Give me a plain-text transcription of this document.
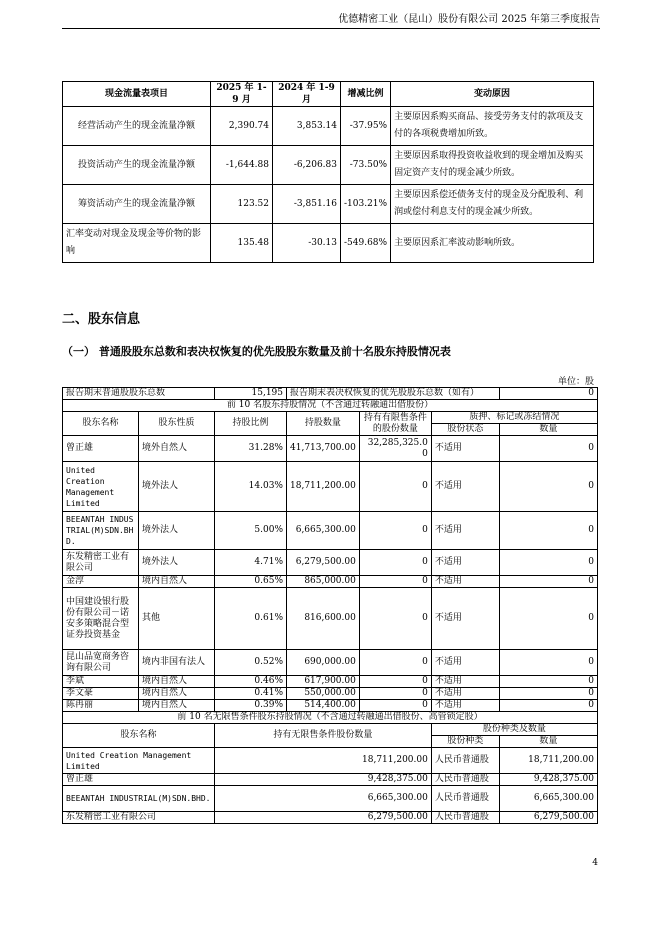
优德精密工业（昆山）股份有限公司 2025 年第三季度报告
现金流量表项目	2025 年 1-9 月	2024 年 1-9 月	增减比例	变动原因
经营活动产生的现金流量净额	2,390.74	3,853.14	-37.95%	主要原因系购买商品、接受劳务支付的款项及支付的各项税费增加所致。
投资活动产生的现金流量净额	-1,644.88	-6,206.83	-73.50%	主要原因系取得投资收益收到的现金增加及购买固定资产支付的现金减少所致。
筹资活动产生的现金流量净额	123.52	-3,851.16	-103.21%	主要原因系偿还债务支付的现金及分配股利、利润或偿付利息支付的现金减少所致。
汇率变动对现金及现金等价物的影响	135.48	-30.13	-549.68%	主要原因系汇率波动影响所致。
二、股东信息
（一） 普通股股东总数和表决权恢复的优先股股东数量及前十名股东持股情况表
单位：股
报告期末普通股股东总数		15,195	报告期末表决权恢复的优先股股东总数（如有）			0
前 10 名股东持股情况（不含通过转融通出借股份）						
股东名称	股东性质	持股比例	持股数量	持有有限售条件的股份数量	质押、标记或冻结情况	
					股份状态	数量
曾正雄	境外自然人	31.28%	41,713,700.00	32,285,325.00	不适用	0
United Creation Management Limited	境外法人	14.03%	18,711,200.00	0	不适用	0
BEEANTAH INDUSTRIAL(M)SDN.BHD.	境外法人	5.00%	6,665,300.00	0	不适用	0
东发精密工业有限公司	境外法人	4.71%	6,279,500.00	0	不适用	0
金淳	境内自然人	0.65%	865,000.00	0	不适用	0
中国建设银行股份有限公司－诺安多策略混合型证券投资基金	其他	0.61%	816,600.00	0	不适用	0
昆山品宽商务咨询有限公司	境内非国有法人	0.52%	690,000.00	0	不适用	0
李斌	境内自然人	0.46%	617,900.00	0	不适用	0
李文豪	境内自然人	0.41%	550,000.00	0	不适用	0
陈冉丽	境内自然人	0.39%	514,400.00	0	不适用	0
前 10 名无限售条件股东持股情况（不含通过转融通出借股份、高管锁定股）						
股东名称		持有无限售条件股份数量			股份种类及数量	
					股份种类	数量
United Creation Management Limited		18,711,200.00			人民币普通股	18,711,200.00
曾正雄		9,428,375.00			人民币普通股	9,428,375.00
BEEANTAH INDUSTRIAL(M)SDN.BHD.		6,665,300.00			人民币普通股	6,665,300.00
东发精密工业有限公司		6,279,500.00			人民币普通股	6,279,500.00
4
